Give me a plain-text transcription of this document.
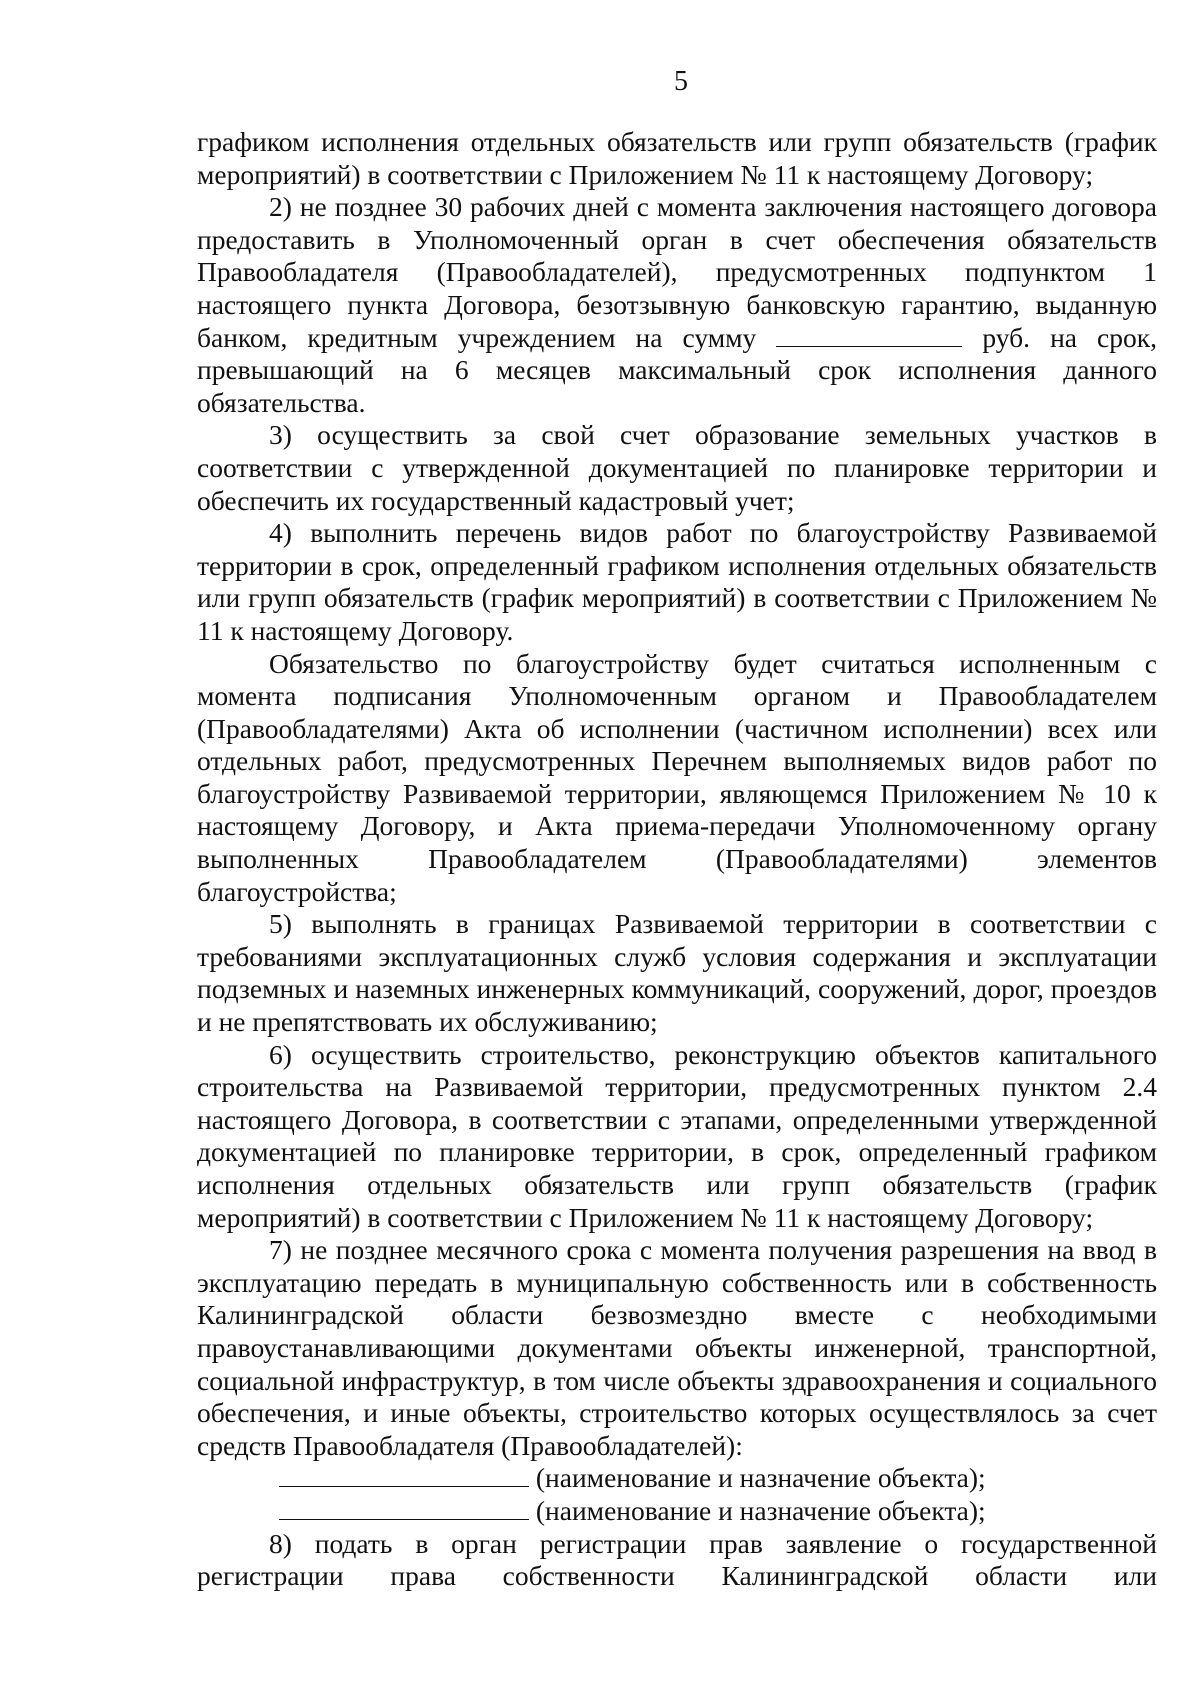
5

графиком исполнения отдельных обязательств или групп обязательств (график мероприятий) в соответствии с Приложением № 11 к настоящему Договору;

2) не позднее 30 рабочих дней с момента заключения настоящего договора предоставить в Уполномоченный орган в счет обеспечения обязательств Правообладателя (Правообладателей), предусмотренных подпунктом 1 настоящего пункта Договора, безотзывную банковскую гарантию, выданную банком, кредитным учреждением на сумму	руб. на срок, превышающий на 6 месяцев максимальный срок исполнения данного обязательства.

3) осуществить за свой счет образование земельных участков в соответствии с утвержденной документацией по планировке территории и обеспечить их государственный кадастровый учет;

4) выполнить перечень видов работ по благоустройству Развиваемой территории в срок, определенный графиком исполнения отдельных обязательств или групп обязательств (график мероприятий) в соответствии с Приложением № 11 к настоящему Договору.

Обязательство по благоустройству будет считаться исполненным с момента подписания Уполномоченным органом и Правообладателем (Правообладателями) Акта об исполнении (частичном исполнении) всех или отдельных работ, предусмотренных Перечнем выполняемых видов работ по благоустройству Развиваемой территории, являющемся Приложением № 10 к настоящему Договору, и Акта приема-передачи Уполномоченному органу выполненных Правообладателем (Правообладателями) элементов благоустройства;

5) выполнять в границах Развиваемой территории в соответствии с требованиями эксплуатационных служб условия содержания и эксплуатации подземных и наземных инженерных коммуникаций, сооружений, дорог, проездов и не препятствовать их обслуживанию;

6) осуществить строительство, реконструкцию объектов капитального строительства на Развиваемой территории, предусмотренных пунктом 2.4 настоящего Договора, в соответствии с этапами, определенными утвержденной документацией по планировке территории, в срок, определенный графиком исполнения отдельных обязательств или групп обязательств (график мероприятий) в соответствии с Приложением № 11 к настоящему Договору;

7) не позднее месячного срока с момента получения разрешения на ввод в эксплуатацию передать в муниципальную собственность или в собственность Калининградской области безвозмездно вместе с необходимыми правоустанавливающими документами объекты инженерной, транспортной, социальной инфраструктур, в том числе объекты здравоохранения и социального обеспечения, и иные объекты, строительство которых осуществлялось за счет средств Правообладателя (Правообладателей):

(наименование и назначение объекта);
(наименование и назначение объекта);

8) подать в орган регистрации прав заявление о государственной регистрации права собственности Калининградской области или
